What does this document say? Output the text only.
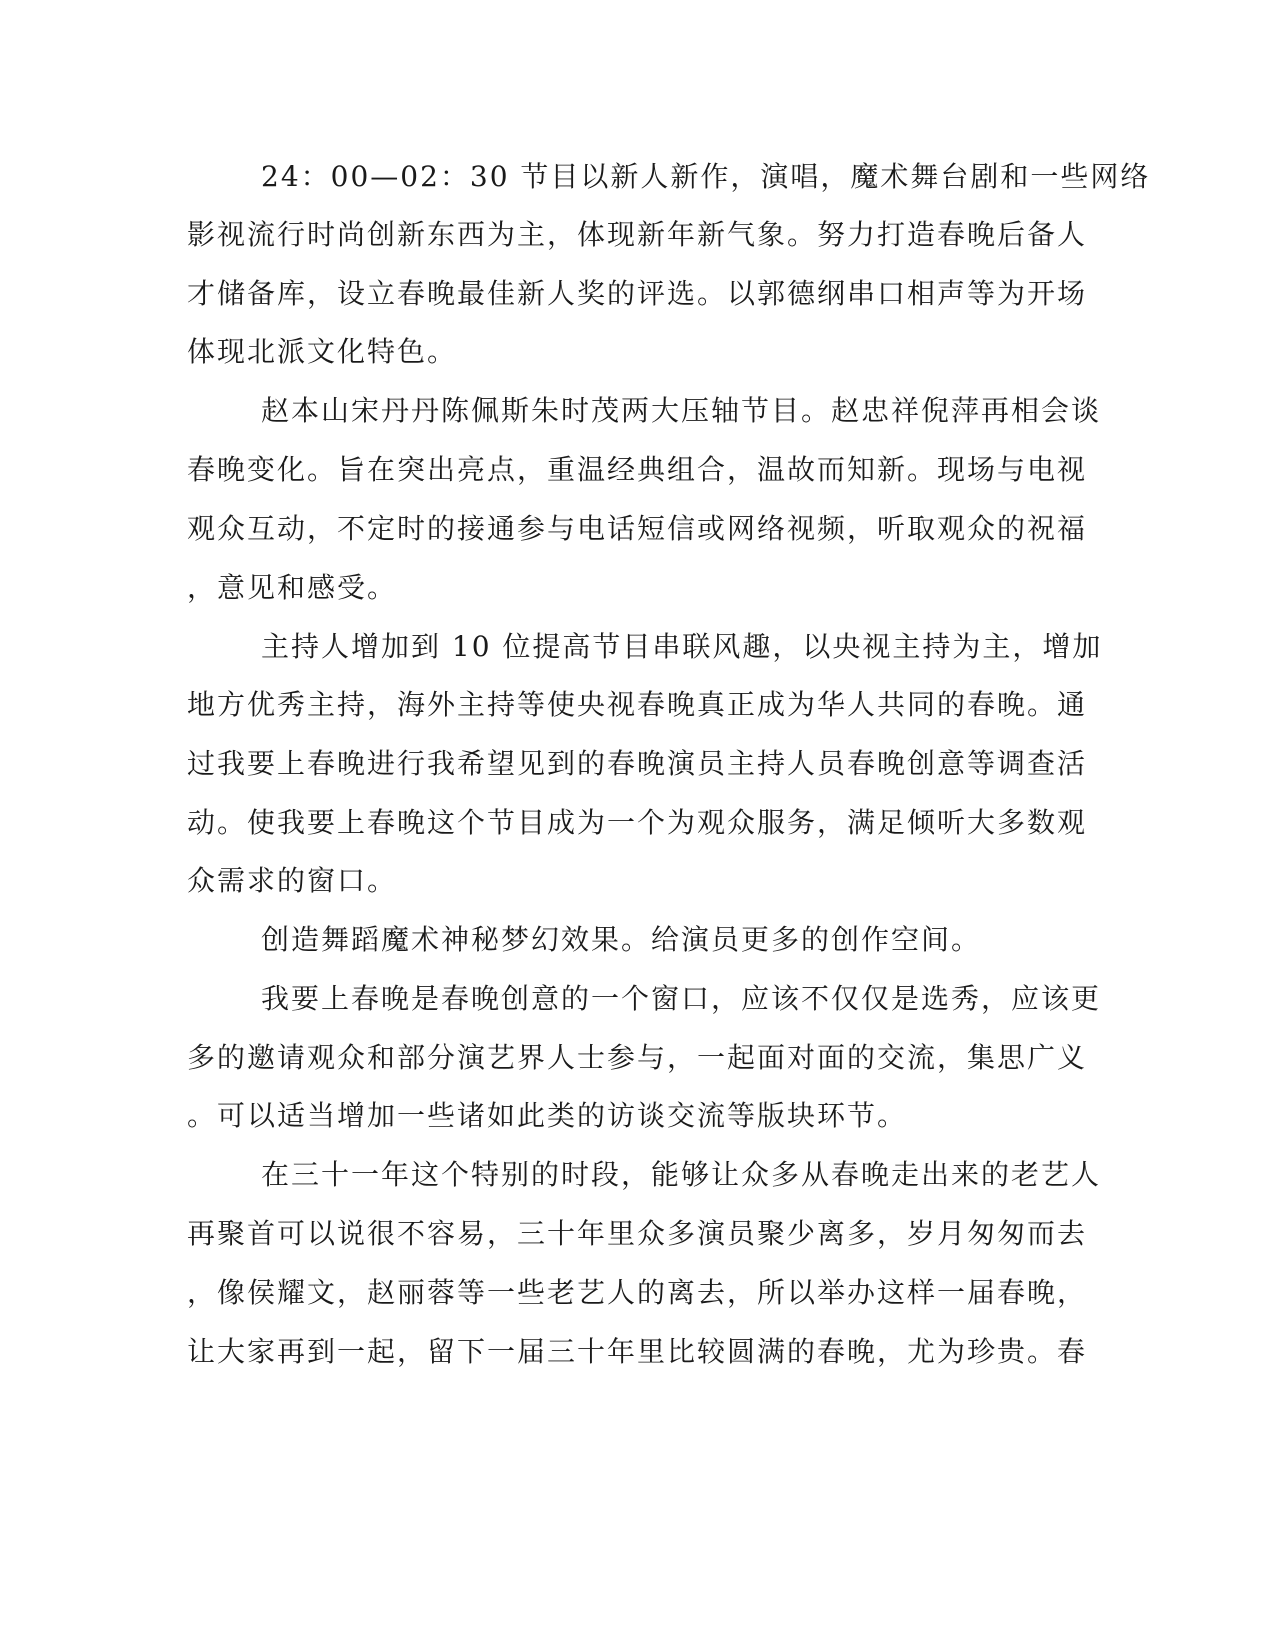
24：00—02：30 节目以新人新作，演唱，魔术舞台剧和一些网络
影视流行时尚创新东西为主，体现新年新气象。努力打造春晚后备人
才储备库，设立春晚最佳新人奖的评选。以郭德纲串口相声等为开场
体现北派文化特色。
赵本山宋丹丹陈佩斯朱时茂两大压轴节目。赵忠祥倪萍再相会谈
春晚变化。旨在突出亮点，重温经典组合，温故而知新。现场与电视
观众互动，不定时的接通参与电话短信或网络视频，听取观众的祝福
，意见和感受。
主持人增加到 10 位提高节目串联风趣，以央视主持为主，增加
地方优秀主持，海外主持等使央视春晚真正成为华人共同的春晚。通
过我要上春晚进行我希望见到的春晚演员主持人员春晚创意等调查活
动。使我要上春晚这个节目成为一个为观众服务，满足倾听大多数观
众需求的窗口。
创造舞蹈魔术神秘梦幻效果。给演员更多的创作空间。
我要上春晚是春晚创意的一个窗口，应该不仅仅是选秀，应该更
多的邀请观众和部分演艺界人士参与，一起面对面的交流，集思广义
。可以适当增加一些诸如此类的访谈交流等版块环节。
在三十一年这个特别的时段，能够让众多从春晚走出来的老艺人
再聚首可以说很不容易，三十年里众多演员聚少离多，岁月匆匆而去
，像侯耀文，赵丽蓉等一些老艺人的离去，所以举办这样一届春晚，
让大家再到一起，留下一届三十年里比较圆满的春晚，尤为珍贵。春
